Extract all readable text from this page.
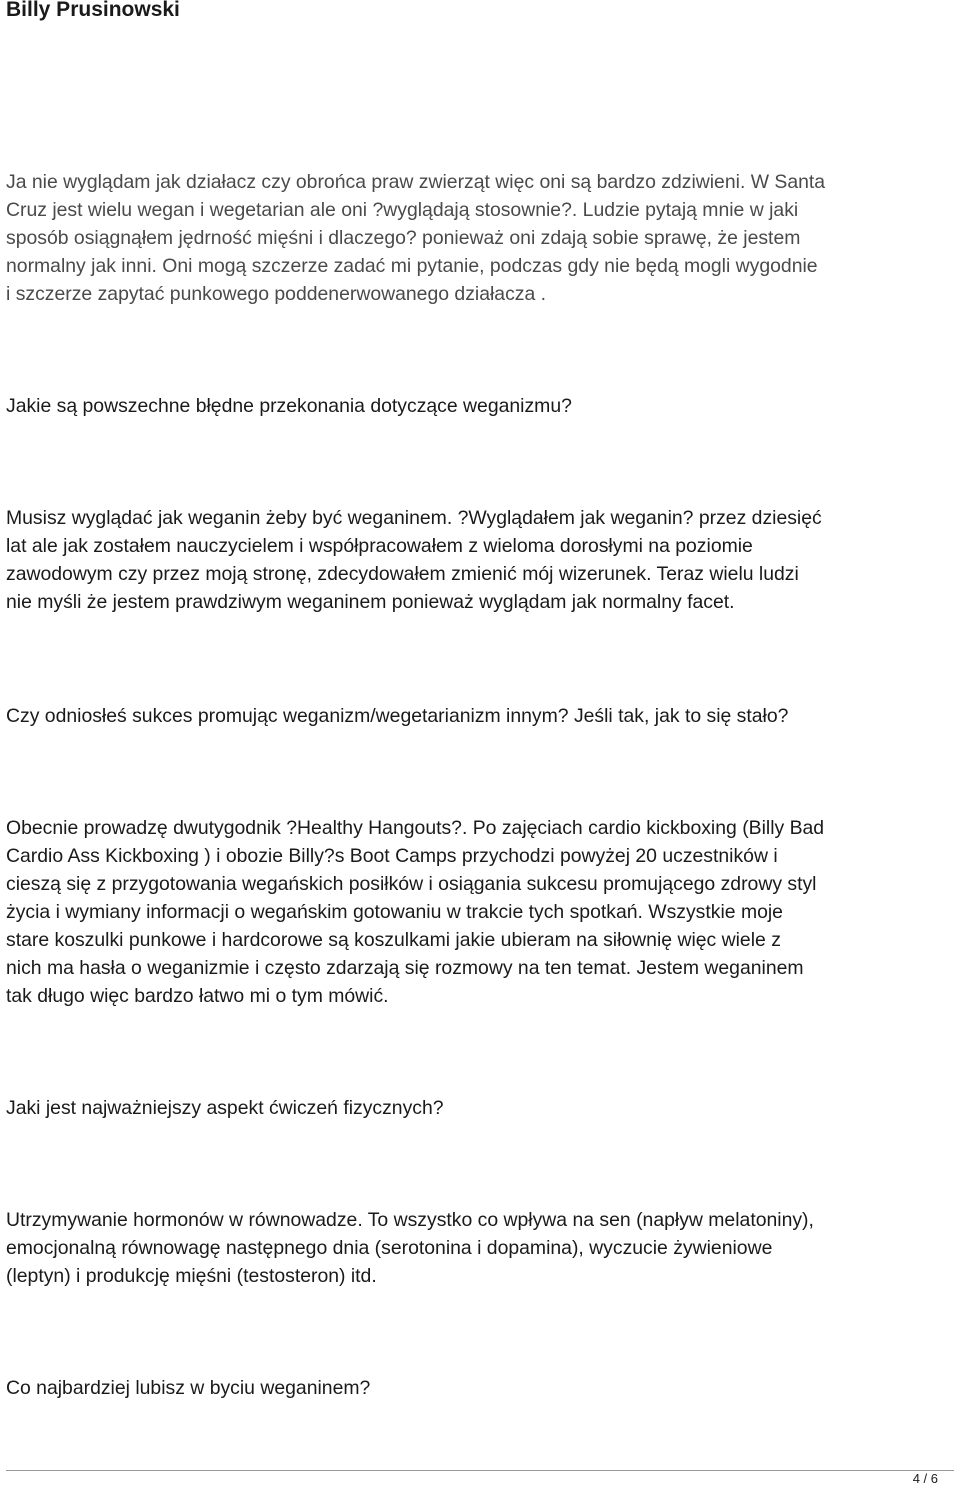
Billy Prusinowski
Ja nie wyglądam jak działacz czy obrońca praw zwierząt więc oni są bardzo zdziwieni. W Santa
Cruz jest wielu wegan i wegetarian ale oni ?wyglądają stosownie?. Ludzie pytają mnie w jaki
sposób osiągnąłem jędrność mięśni i dlaczego? ponieważ oni zdają sobie sprawę, że jestem
normalny jak inni. Oni mogą szczerze zadać mi pytanie, podczas gdy nie będą mogli wygodnie
i szczerze zapytać punkowego poddenerwowanego działacza .
Jakie są powszechne błędne przekonania dotyczące weganizmu?
Musisz wyglądać jak weganin żeby być weganinem. ?Wyglądałem jak weganin? przez dziesięć
lat ale jak zostałem nauczycielem i współpracowałem z wieloma dorosłymi na poziomie
zawodowym czy przez moją stronę, zdecydowałem zmienić mój wizerunek. Teraz wielu ludzi
nie myśli że jestem prawdziwym weganinem ponieważ wyglądam jak normalny facet.
Czy odniosłeś sukces promując weganizm/wegetarianizm innym? Jeśli tak, jak to się stało?
Obecnie prowadzę dwutygodnik ?Healthy Hangouts?. Po zajęciach cardio kickboxing (Billy Bad
Cardio Ass Kickboxing ) i obozie Billy?s Boot Camps przychodzi powyżej 20 uczestników i
cieszą się z przygotowania wegańskich posiłków i osiągania sukcesu promującego zdrowy styl
życia i wymiany informacji o wegańskim gotowaniu w trakcie tych spotkań. Wszystkie moje
stare koszulki punkowe i hardcorowe są koszulkami jakie ubieram na siłownię więc wiele z
nich ma hasła o weganizmie i często zdarzają się rozmowy na ten temat. Jestem weganinem
tak długo więc bardzo łatwo mi o tym mówić.
Jaki jest najważniejszy aspekt ćwiczeń fizycznych?
Utrzymywanie hormonów w równowadze. To wszystko co wpływa na sen (napływ melatoniny),
emocjonalną równowagę następnego dnia (serotonina i dopamina), wyczucie żywieniowe
(leptyn) i produkcję mięśni (testosteron) itd.
Co najbardziej lubisz w byciu weganinem?
4 / 6
